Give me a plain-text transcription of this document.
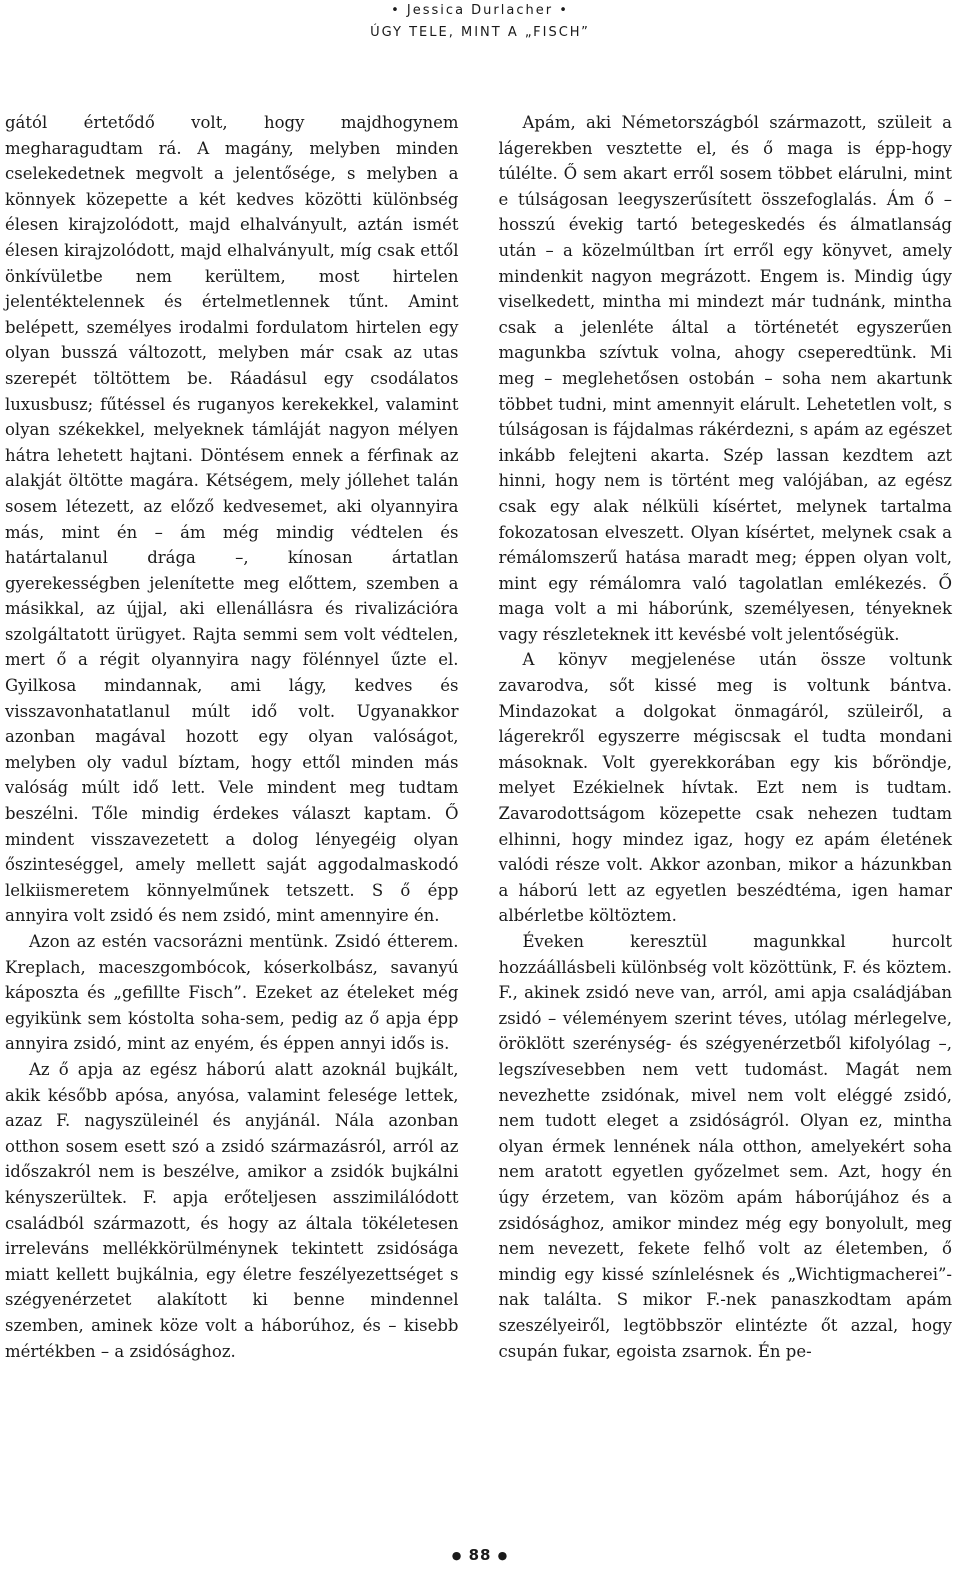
• Jessica Durlacher •
ÚGY TELE, MINT A „FISCH”

gától értetődő volt, hogy majdhogynem megharagudtam rá. A magány, melyben minden cselekedetnek megvolt a jelentősége, s melyben a könnyek közepette a két kedves közötti különbség élesen kirajzolódott, majd elhalványult, aztán ismét élesen kirajzolódott, majd elhalványult, míg csak ettől önkívületbe nem kerültem, most hirtelen jelentéktelennek és értelmetlennek tűnt. Amint belépett, személyes irodalmi fordulatom hirtelen egy olyan busszá változott, melyben már csak az utas szerepét töltöttem be. Ráadásul egy csodálatos luxusbusz; fűtéssel és ruganyos kerekekkel, valamint olyan székekkel, melyeknek támláját nagyon mélyen hátra lehetett hajtani. Döntésem ennek a férfinak az alakját öltötte magára. Kétségem, mely jóllehet talán sosem létezett, az előző kedvesemet, aki olyannyira más, mint én – ám még mindig védtelen és határtalanul drága –, kínosan ártatlan gyerekességben jelenítette meg előttem, szemben a másikkal, az újjal, aki ellenállásra és rivalizációra szolgáltatott ürügyet. Rajta semmi sem volt védtelen, mert ő a régit olyannyira nagy fölénnyel űzte el. Gyilkosa mindannak, ami lágy, kedves és visszavonhatatlanul múlt idő volt. Ugyanakkor azonban magával hozott egy olyan valóságot, melyben oly vadul bíztam, hogy ettől minden más valóság múlt idő lett. Vele mindent meg tudtam beszélni. Tőle mindig érdekes választ kaptam. Ő mindent visszavezetett a dolog lényegéig olyan őszinteséggel, amely mellett saját aggodalmaskodó lelkiismeretem könnyelműnek tetszett. S ő épp annyira volt zsidó és nem zsidó, mint amennyire én.

Azon az estén vacsorázni mentünk. Zsidó étterem. Kreplach, maceszgombócok, kóserkolbász, savanyú káposzta és „gefillte Fisch”. Ezeket az ételeket még egyikünk sem kóstolta soha-sem, pedig az ő apja épp annyira zsidó, mint az enyém, és éppen annyi idős is.

Az ő apja az egész háború alatt azoknál bujkált, akik később apósa, anyósa, valamint felesége lettek, azaz F. nagyszüleinél és anyjánál. Nála azonban otthon sosem esett szó a zsidó származásról, arról az időszakról nem is beszélve, amikor a zsidók bujkálni kényszerültek. F. apja erőteljesen asszimilálódott családból származott, és hogy az általa tökéletesen irreleváns mellékkörülménynek tekintett zsidósága miatt kellett bujkálnia, egy életre feszélyezettséget s szégyenérzetet alakított ki benne mindennel szemben, aminek köze volt a háborúhoz, és – kisebb mértékben – a zsidósághoz.

Apám, aki Németországból származott, szüleit a lágerekben vesztette el, és ő maga is épp-hogy túlélte. Ő sem akart erről sosem többet elárulni, mint e túlságosan leegyszerűsített összefoglalás. Ám ő – hosszú évekig tartó betegeskedés és álmatlanság után – a közelmúltban írt erről egy könyvet, amely mindenkit nagyon megrázott. Engem is. Mindig úgy viselkedett, mintha mi mindezt már tudnánk, mintha csak a jelenléte által a történetét egyszerűen magunkba szívtuk volna, ahogy cseperedtünk. Mi meg – meglehetősen ostobán – soha nem akartunk többet tudni, mint amennyit elárult. Lehetetlen volt, s túlságosan is fájdalmas rákérdezni, s apám az egészet inkább felejteni akarta. Szép lassan kezdtem azt hinni, hogy nem is történt meg valójában, az egész csak egy alak nélküli kísértet, melynek tartalma fokozatosan elveszett. Olyan kísértet, melynek csak a rémálomszerű hatása maradt meg; éppen olyan volt, mint egy rémálomra való tagolatlan emlékezés. Ő maga volt a mi háborúnk, személyesen, tényeknek vagy részleteknek itt kevésbé volt jelentőségük.

A könyv megjelenése után össze voltunk zavarodva, sőt kissé meg is voltunk bántva. Mindazokat a dolgokat önmagáról, szüleiről, a lágerekről egyszerre mégiscsak el tudta mondani másoknak. Volt gyerekkorában egy kis bőröndje, melyet Ezékielnek hívtak. Ezt nem is tudtam. Zavarodottságom közepette csak nehezen tudtam elhinni, hogy mindez igaz, hogy ez apám életének valódi része volt. Akkor azonban, mikor a házunkban a háború lett az egyetlen beszédtéma, igen hamar albérletbe költöztem.

Éveken keresztül magunkkal hurcolt hozzáállásbeli különbség volt közöttünk, F. és köztem. F., akinek zsidó neve van, arról, ami apja családjában zsidó – véleményem szerint téves, utólag mérlegelve, öröklött szerénység- és szégyenérzetből kifolyólag –, legszívesebben nem vett tudomást. Magát nem nevezhette zsidónak, mivel nem volt eléggé zsidó, nem tudott eleget a zsidóságról. Olyan ez, mintha olyan érmek lennének nála otthon, amelyekért soha nem aratott egyetlen győzelmet sem. Azt, hogy én úgy érzetem, van közöm apám háborújához és a zsidósághoz, amikor mindez még egy bonyolult, meg nem nevezett, fekete felhő volt az életemben, ő mindig egy kissé színlelésnek és „Wichtigmacherei”-nak találta. S mikor F.-nek panaszkodtam apám szeszélyeiről, legtöbbször elintézte őt azzal, hogy csupán fukar, egoista zsarnok. Én pe-

● 88 ●
